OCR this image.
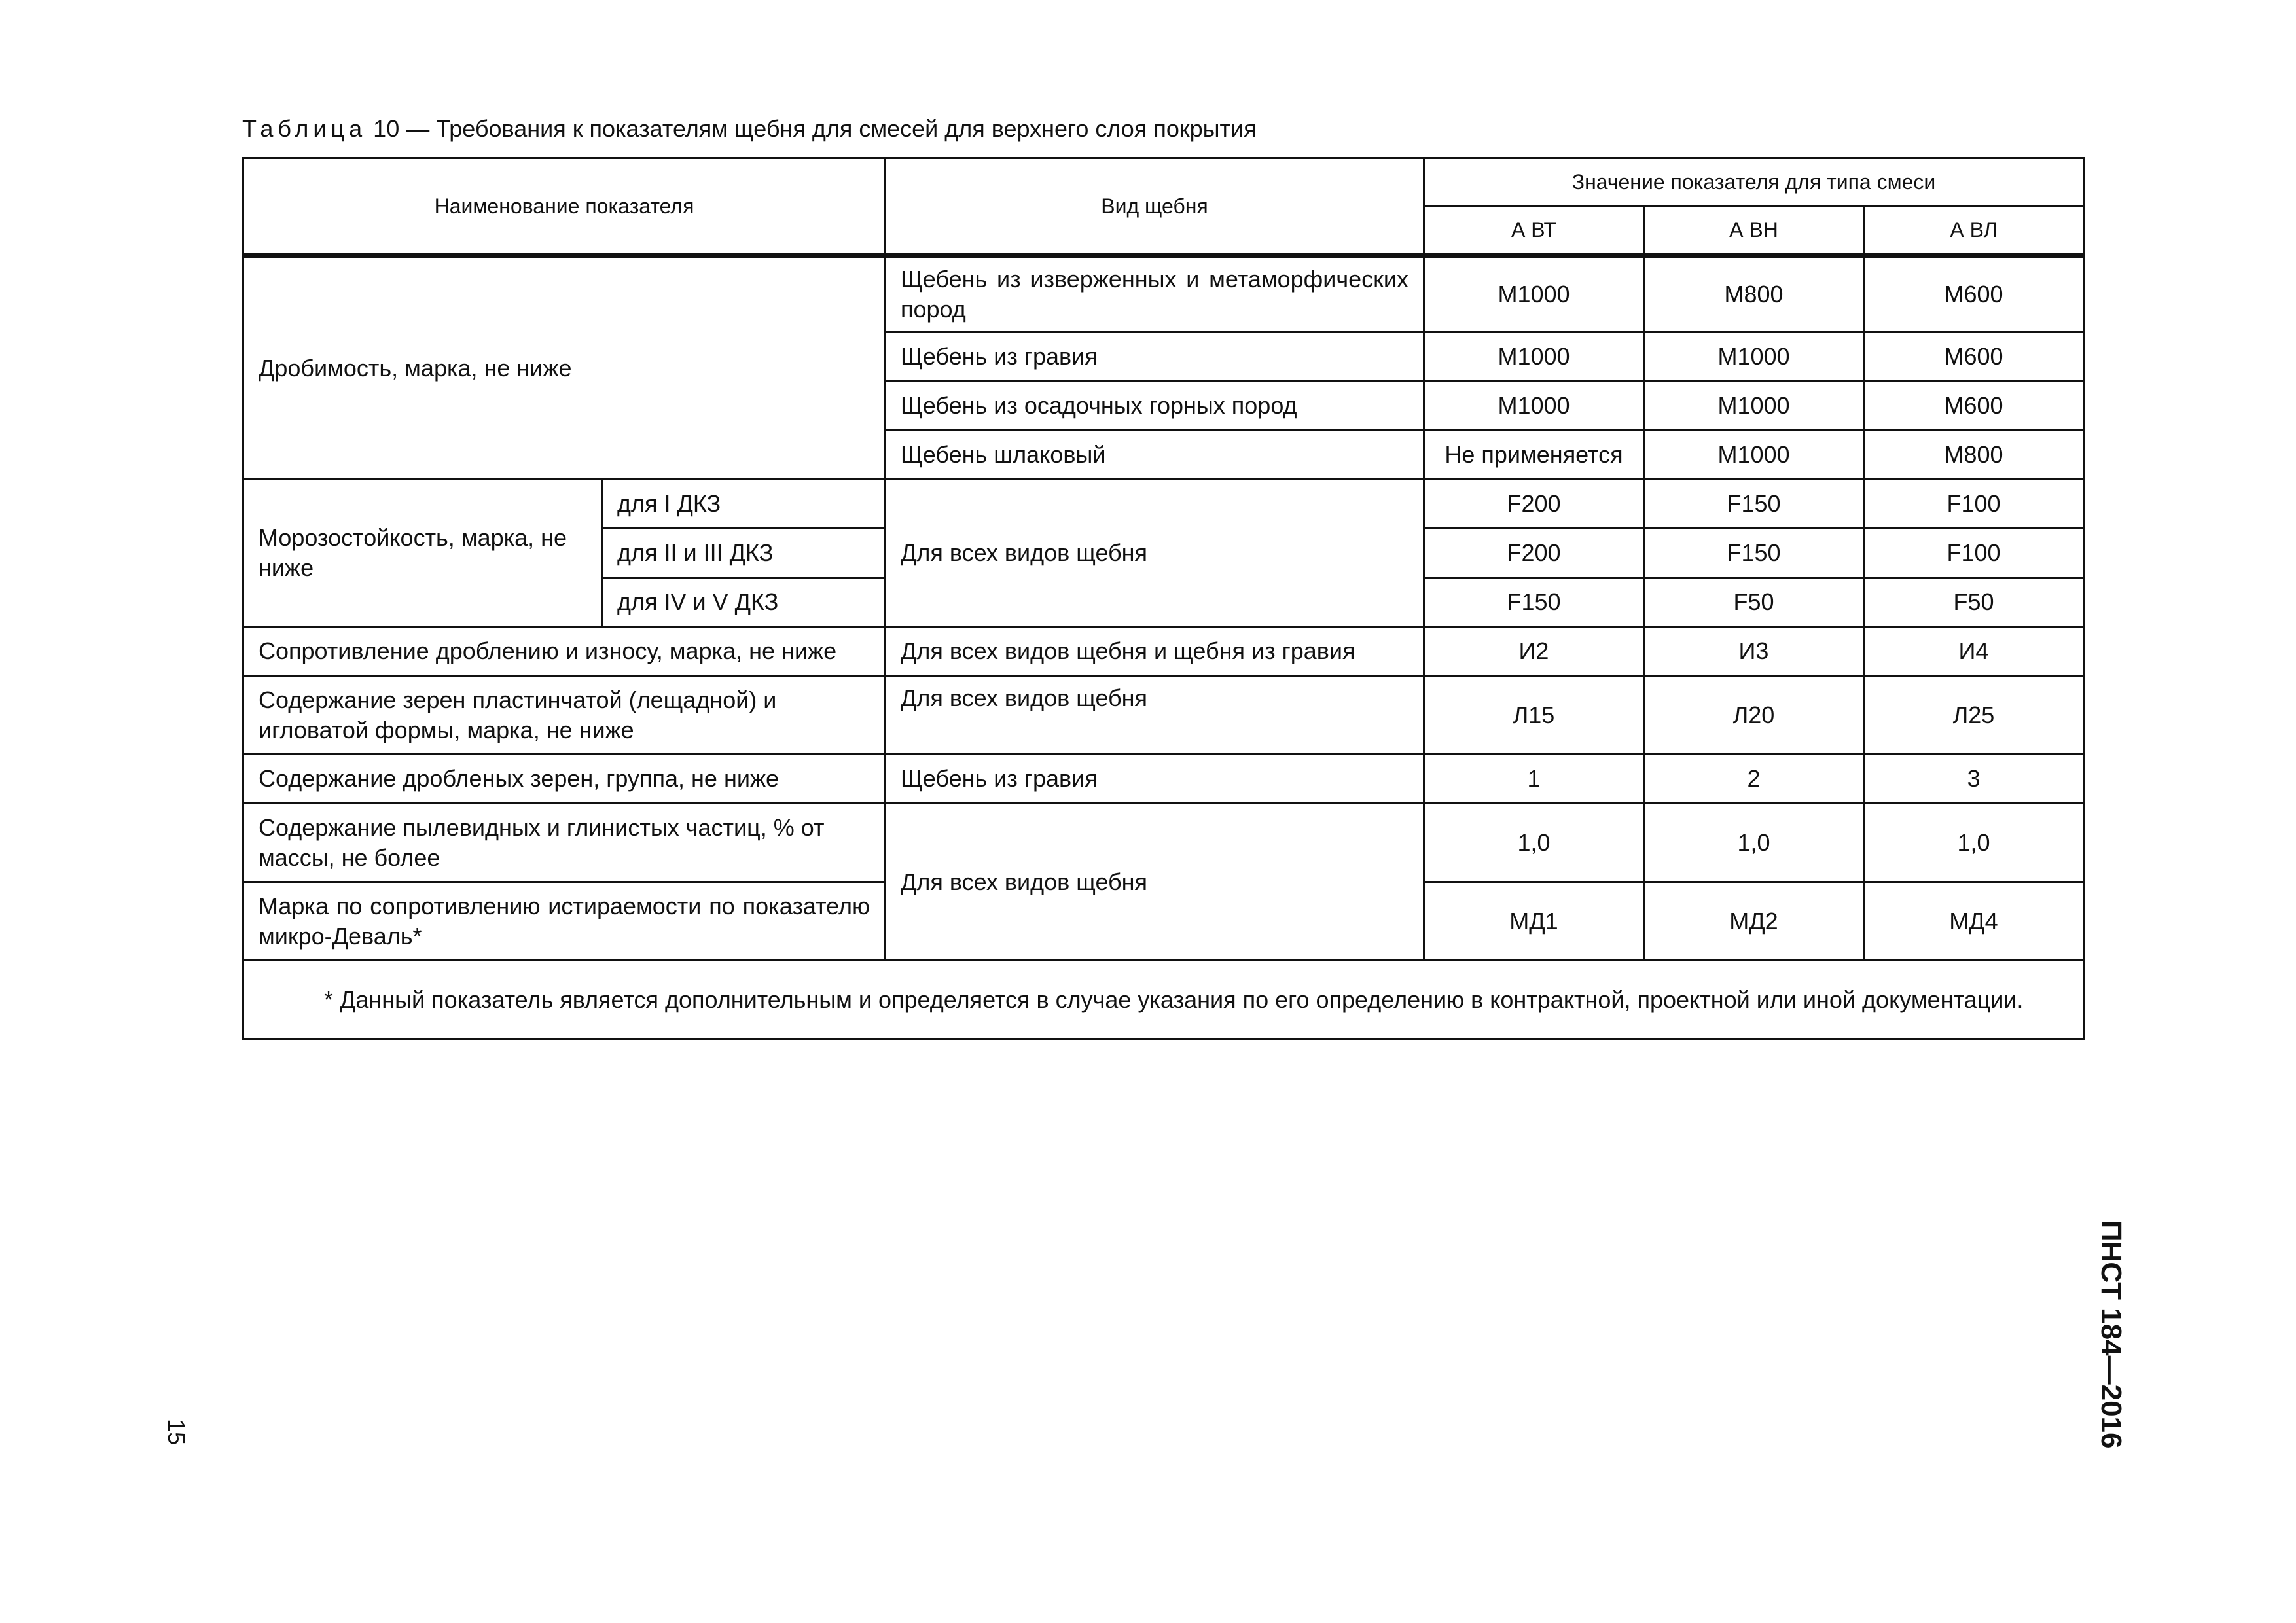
Таблица 10 — Требования к показателям щебня для смесей для верхнего слоя покрытия
Наименование показателя		Вид щебня	Значение показателя для типа смеси		
			А ВТ	А ВН	А ВЛ
Дробимость, марка, не ниже		Щебень из изверженных и метаморфических пород	М1000	М800	М600
		Щебень из гравия	М1000	М1000	М600
		Щебень из осадочных горных пород	М1000	М1000	М600
		Щебень шлаковый	Не применяется	М1000	М800
Морозостойкость, марка, не ниже	для I ДКЗ	Для всех видов щебня	F200	F150	F100
	для II и III ДКЗ		F200	F150	F100
	для IV и V ДКЗ		F150	F50	F50
Сопротивление дроблению и износу, марка, не ниже		Для всех видов щебня и щебня из гравия	И2	И3	И4
Содержание зерен пластинчатой (лещадной) и игловатой формы, марка, не ниже		Для всех видов щебня	Л15	Л20	Л25
Содержание дробленых зерен, группа, не ниже		Щебень из гравия	1	2	3
Содержание пылевидных и глинистых частиц, % от массы, не более		Для всех видов щебня	1,0	1,0	1,0
Марка по сопротивлению истираемости по показателю микро-Деваль*			МД1	МД2	МД4
* Данный показатель является дополнительным и определяется в случае указания по его определению в контрактной, проектной или иной документации.					
15	ПНСТ 184—2016
